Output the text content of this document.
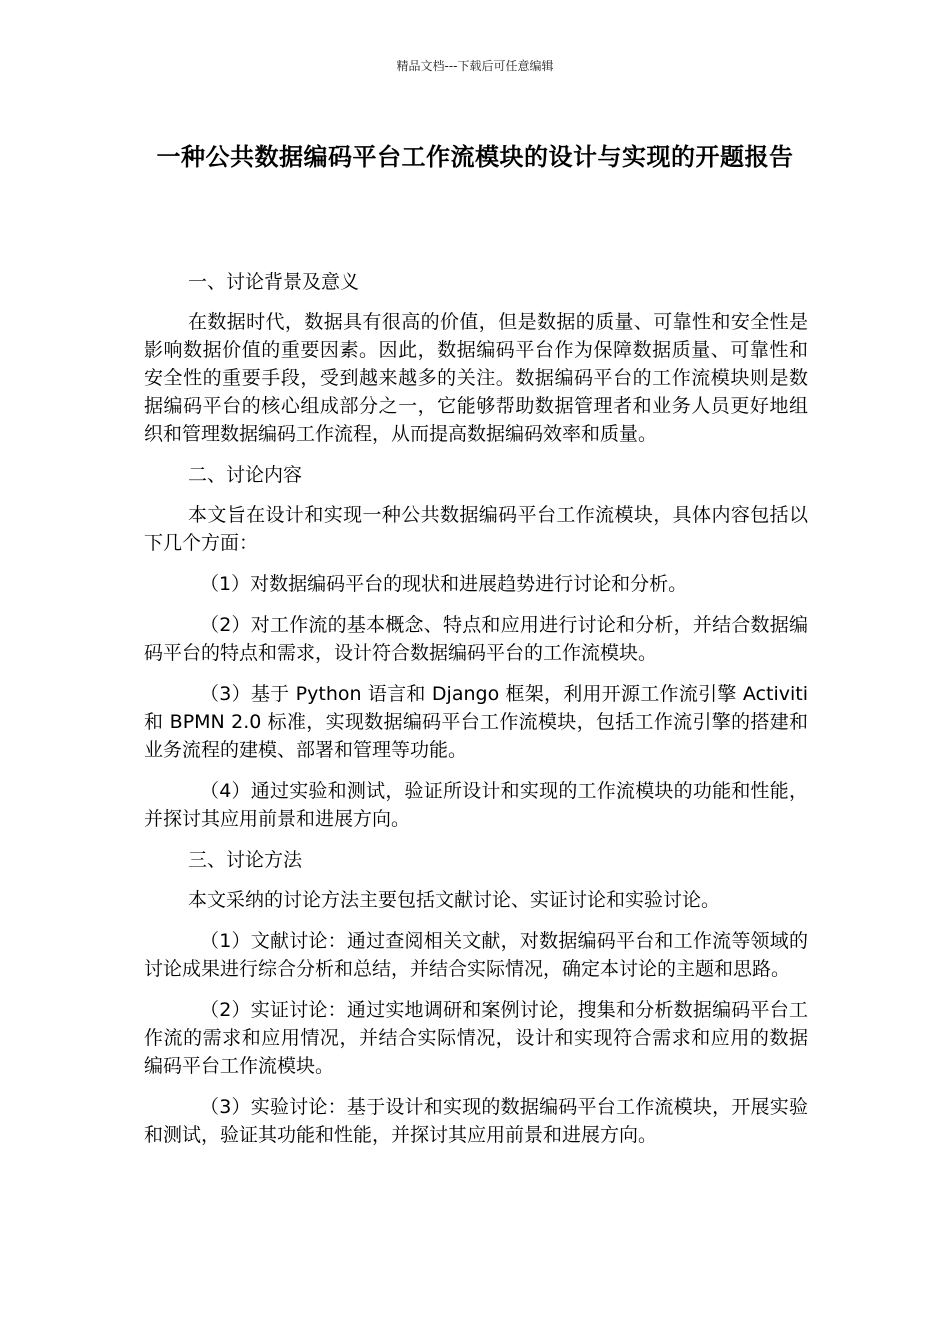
精品文档---下载后可任意编辑
一种公共数据编码平台工作流模块的设计与实现的开题报告

一、讨论背景及意义

在数据时代，数据具有很高的价值，但是数据的质量、可靠性和安全性是影响数据价值的重要因素。因此，数据编码平台作为保障数据质量、可靠性和安全性的重要手段，受到越来越多的关注。数据编码平台的工作流模块则是数据编码平台的核心组成部分之一，它能够帮助数据管理者和业务人员更好地组织和管理数据编码工作流程，从而提高数据编码效率和质量。

二、讨论内容

本文旨在设计和实现一种公共数据编码平台工作流模块，具体内容包括以下几个方面：

（1）对数据编码平台的现状和进展趋势进行讨论和分析。

（2）对工作流的基本概念、特点和应用进行讨论和分析，并结合数据编码平台的特点和需求，设计符合数据编码平台的工作流模块。

（3）基于 Python 语言和 Django 框架，利用开源工作流引擎 Activiti 和 BPMN 2.0 标准，实现数据编码平台工作流模块，包括工作流引擎的搭建和业务流程的建模、部署和管理等功能。

（4）通过实验和测试，验证所设计和实现的工作流模块的功能和性能，并探讨其应用前景和进展方向。

三、讨论方法

本文采纳的讨论方法主要包括文献讨论、实证讨论和实验讨论。

（1）文献讨论：通过查阅相关文献，对数据编码平台和工作流等领域的讨论成果进行综合分析和总结，并结合实际情况，确定本讨论的主题和思路。

（2）实证讨论：通过实地调研和案例讨论，搜集和分析数据编码平台工作流的需求和应用情况，并结合实际情况，设计和实现符合需求和应用的数据编码平台工作流模块。

（3）实验讨论：基于设计和实现的数据编码平台工作流模块，开展实验和测试，验证其功能和性能，并探讨其应用前景和进展方向。
